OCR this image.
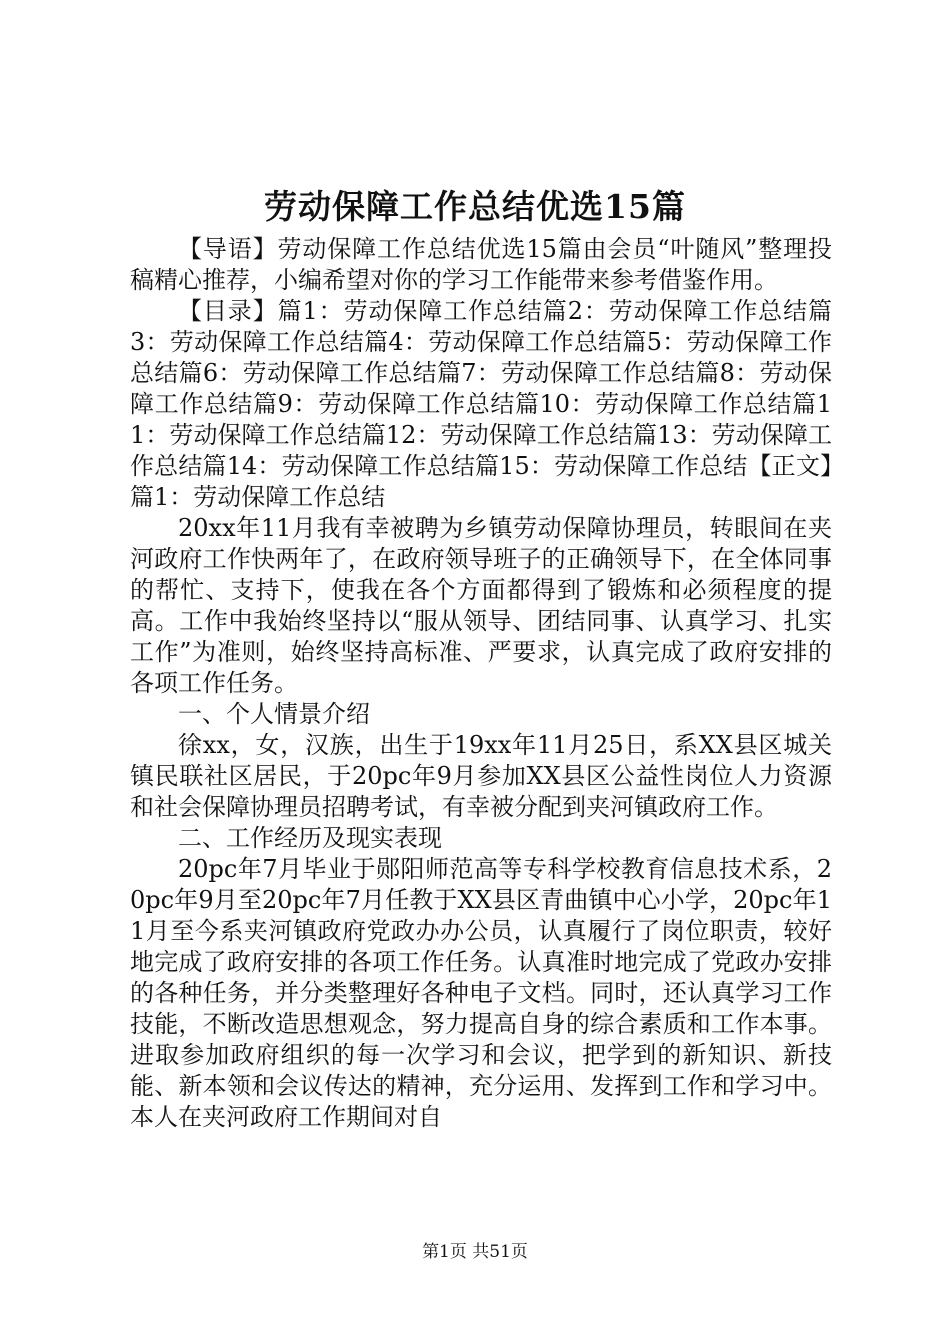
劳动保障工作总结优选15篇

【导语】劳动保障工作总结优选15篇由会员“叶随风”整理投稿精心推荐，小编希望对你的学习工作能带来参考借鉴作用。

【目录】篇1：劳动保障工作总结篇2：劳动保障工作总结篇3：劳动保障工作总结篇4：劳动保障工作总结篇5：劳动保障工作总结篇6：劳动保障工作总结篇7：劳动保障工作总结篇8：劳动保障工作总结篇9：劳动保障工作总结篇10：劳动保障工作总结篇11：劳动保障工作总结篇12：劳动保障工作总结篇13：劳动保障工作总结篇14：劳动保障工作总结篇15：劳动保障工作总结【正文】篇1：劳动保障工作总结

20xx年11月我有幸被聘为乡镇劳动保障协理员，转眼间在夹河政府工作快两年了，在政府领导班子的正确领导下，在全体同事的帮忙、支持下，使我在各个方面都得到了锻炼和必须程度的提高。工作中我始终坚持以“服从领导、团结同事、认真学习、扎实工作”为准则，始终坚持高标准、严要求，认真完成了政府安排的各项工作任务。

一、个人情景介绍

徐xx，女，汉族，出生于19xx年11月25日，系XX县区城关镇民联社区居民，于20pc年9月参加XX县区公益性岗位人力资源和社会保障协理员招聘考试，有幸被分配到夹河镇政府工作。

二、工作经历及现实表现

20pc年7月毕业于郧阳师范高等专科学校教育信息技术系，20pc年9月至20pc年7月任教于XX县区青曲镇中心小学，20pc年11月至今系夹河镇政府党政办办公员，认真履行了岗位职责，较好地完成了政府安排的各项工作任务。认真准时地完成了党政办安排的各种任务，并分类整理好各种电子文档。同时，还认真学习工作技能，不断改造思想观念，努力提高自身的综合素质和工作本事。进取参加政府组织的每一次学习和会议，把学到的新知识、新技能、新本领和会议传达的精神，充分运用、发挥到工作和学习中。本人在夹河政府工作期间对自

第1页 共51页
